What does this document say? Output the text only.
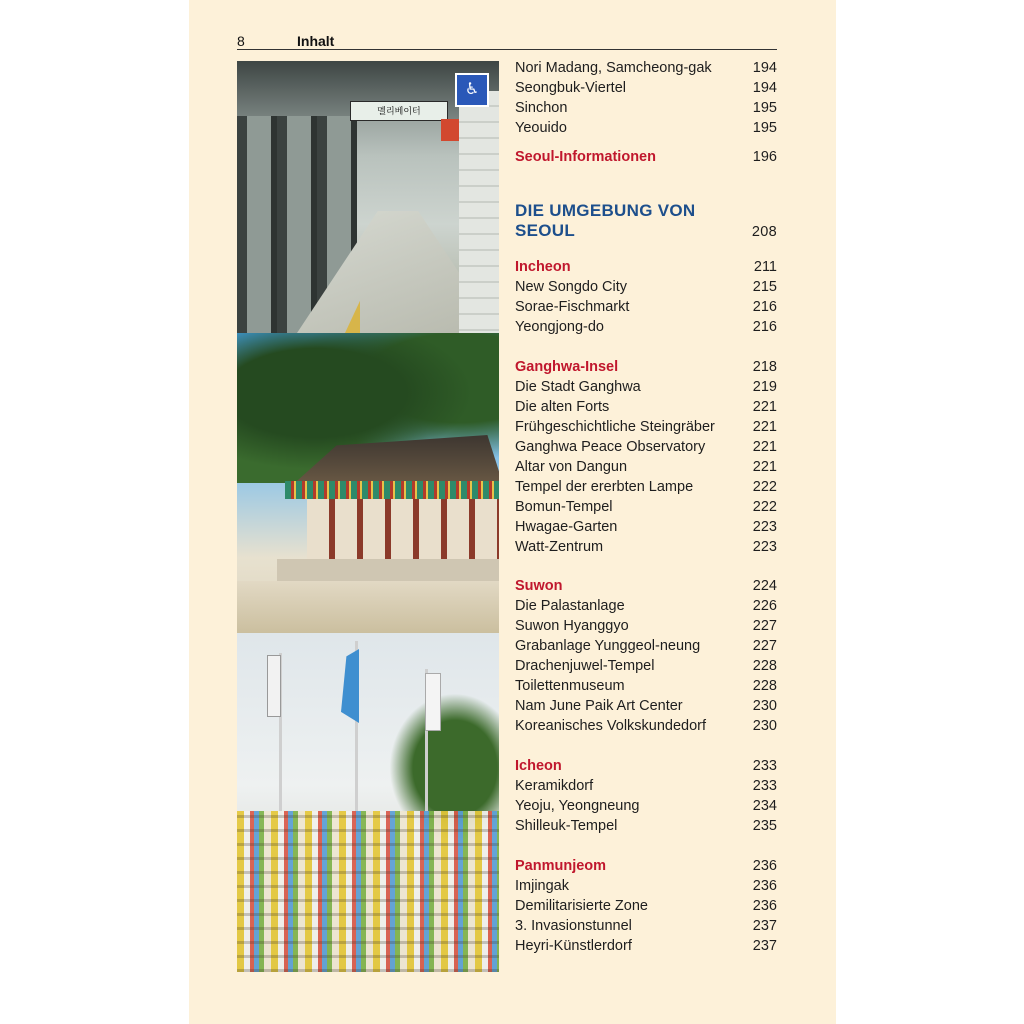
8	Inhalt
멜리베이터
♿
Nori Madang, Samcheong-gak	194
Seongbuk-Viertel	194
Sinchon	195
Yeouido	195
Seoul-Informationen	196
DIE UMGEBUNG VON
SEOUL	208
Incheon	211
New Songdo City	215
Sorae-Fischmarkt	216
Yeongjong-do	216
Ganghwa-Insel	218
Die Stadt Ganghwa	219
Die alten Forts	221
Frühgeschichtliche Steingräber	221
Ganghwa Peace Observatory	221
Altar von Dangun	221
Tempel der ererbten Lampe	222
Bomun-Tempel	222
Hwagae-Garten	223
Watt-Zentrum	223
Suwon	224
Die Palastanlage	226
Suwon Hyanggyo	227
Grabanlage Yunggeol-neung	227
Drachenjuwel-Tempel	228
Toilettenmuseum	228
Nam June Paik Art Center	230
Koreanisches Volkskundedorf	230
Icheon	233
Keramikdorf	233
Yeoju, Yeongneung	234
Shilleuk-Tempel	235
Panmunjeom	236
Imjingak	236
Demilitarisierte Zone	236
3. Invasionstunnel	237
Heyri-Künstlerdorf	237
